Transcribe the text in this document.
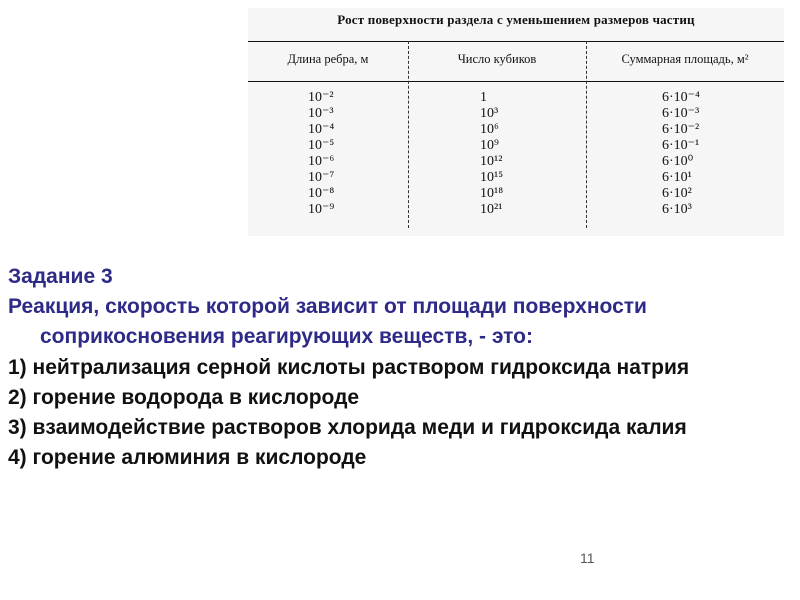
Рост поверхности раздела с уменьшением размеров частиц
Длина ребра, м	Число кубиков	Суммарная площадь, м²
10⁻²
10⁻³
10⁻⁴
10⁻⁵
10⁻⁶
10⁻⁷
10⁻⁸
10⁻⁹
1
10³
10⁶
10⁹
10¹²
10¹⁵
10¹⁸
10²¹
6·10⁻⁴
6·10⁻³
6·10⁻²
6·10⁻¹
6·10⁰
6·10¹
6·10²
6·10³
Задание 3
Реакция, скорость которой зависит от площади поверхности соприкосновения реагирующих веществ, - это:
1) нейтрализация серной кислоты раствором гидроксида натрия
2) горение водорода в кислороде
3) взаимодействие растворов хлорида меди и гидроксида калия
4) горение алюминия в кислороде
11
